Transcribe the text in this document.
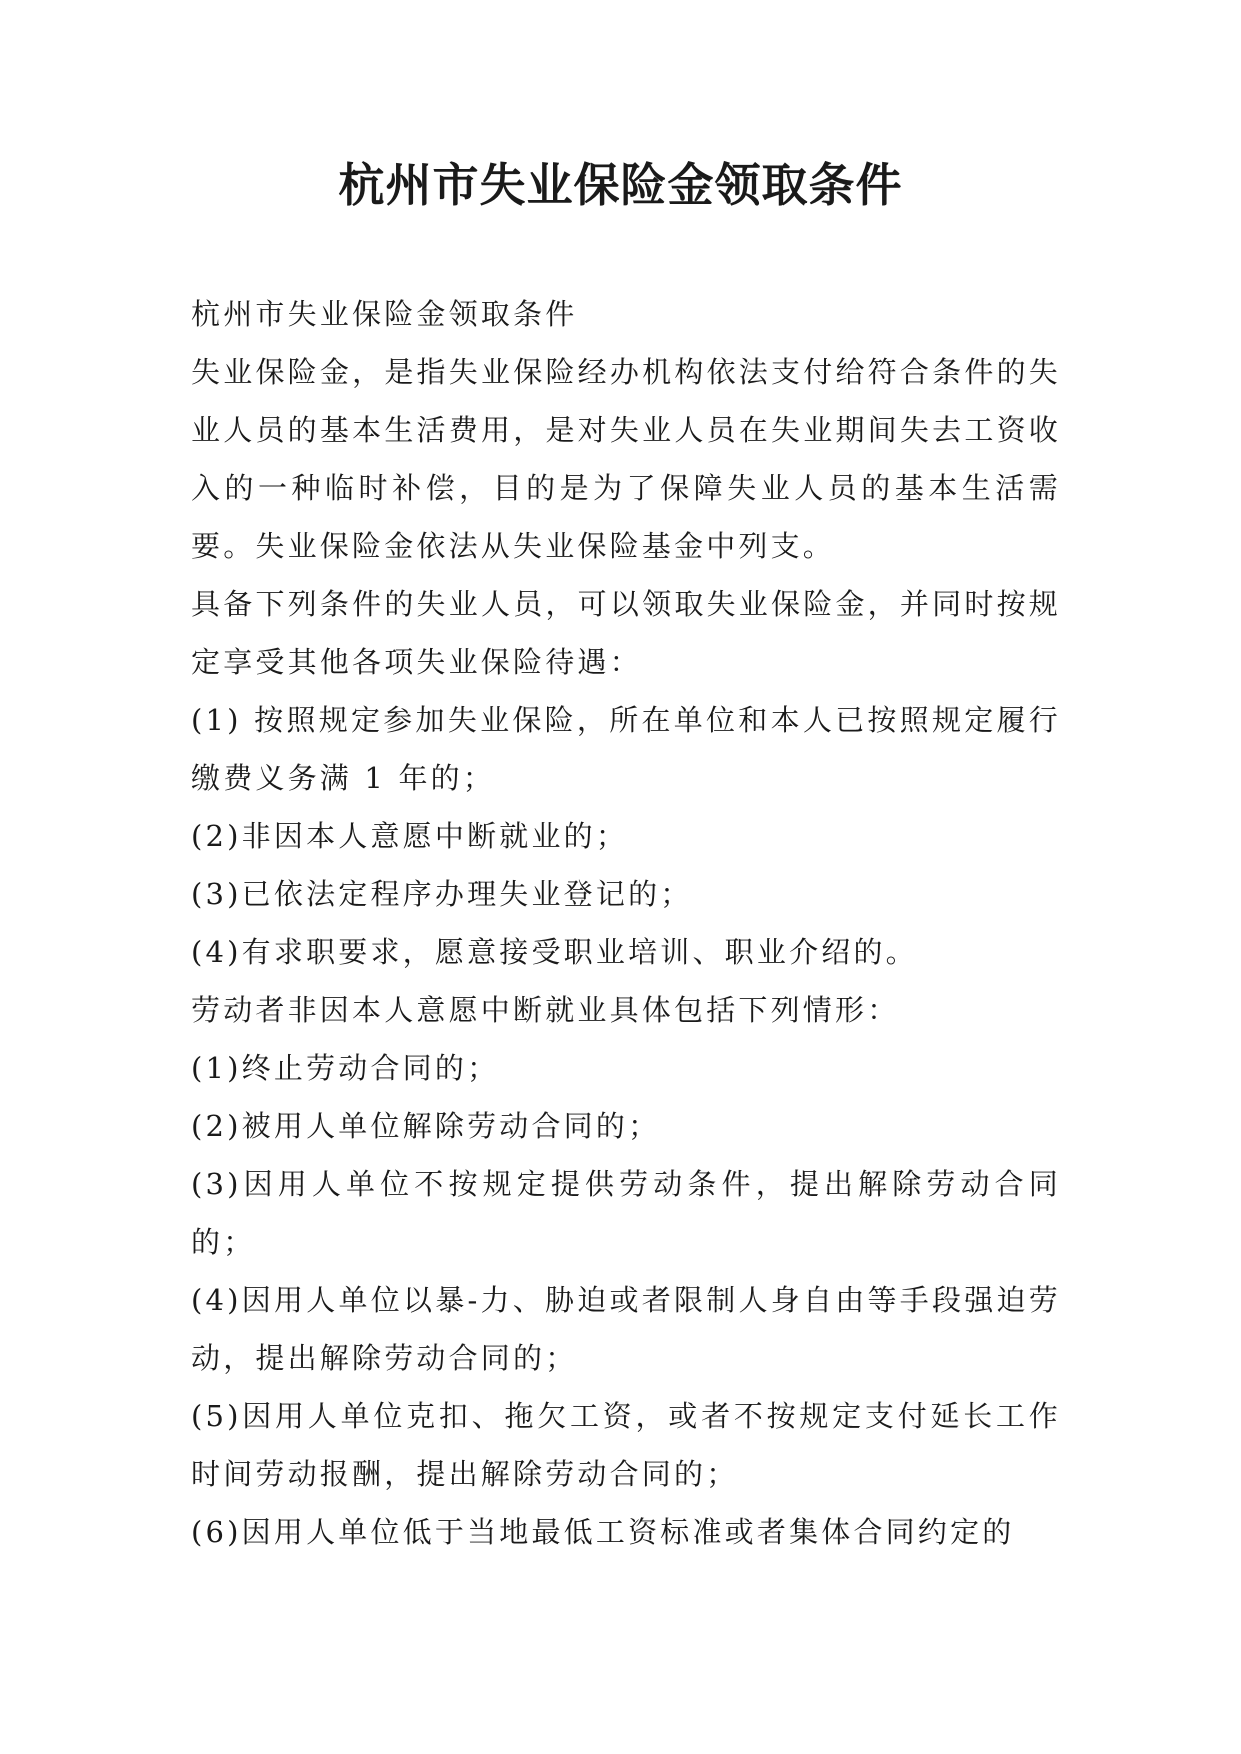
杭州市失业保险金领取条件

杭州市失业保险金领取条件

失业保险金，是指失业保险经办机构依法支付给符合条件的失业人员的基本生活费用，是对失业人员在失业期间失去工资收入的一种临时补偿，目的是为了保障失业人员的基本生活需要。失业保险金依法从失业保险基金中列支。

具备下列条件的失业人员，可以领取失业保险金，并同时按规定享受其他各项失业保险待遇：

(1) 按照规定参加失业保险，所在单位和本人已按照规定履行缴费义务满 1 年的；

(2)非因本人意愿中断就业的；

(3)已依法定程序办理失业登记的；

(4)有求职要求，愿意接受职业培训、职业介绍的。

劳动者非因本人意愿中断就业具体包括下列情形：

(1)终止劳动合同的；

(2)被用人单位解除劳动合同的；

(3)因用人单位不按规定提供劳动条件，提出解除劳动合同的；

(4)因用人单位以暴-力、胁迫或者限制人身自由等手段强迫劳动，提出解除劳动合同的；

(5)因用人单位克扣、拖欠工资，或者不按规定支付延长工作时间劳动报酬，提出解除劳动合同的；

(6)因用人单位低于当地最低工资标准或者集体合同约定的
